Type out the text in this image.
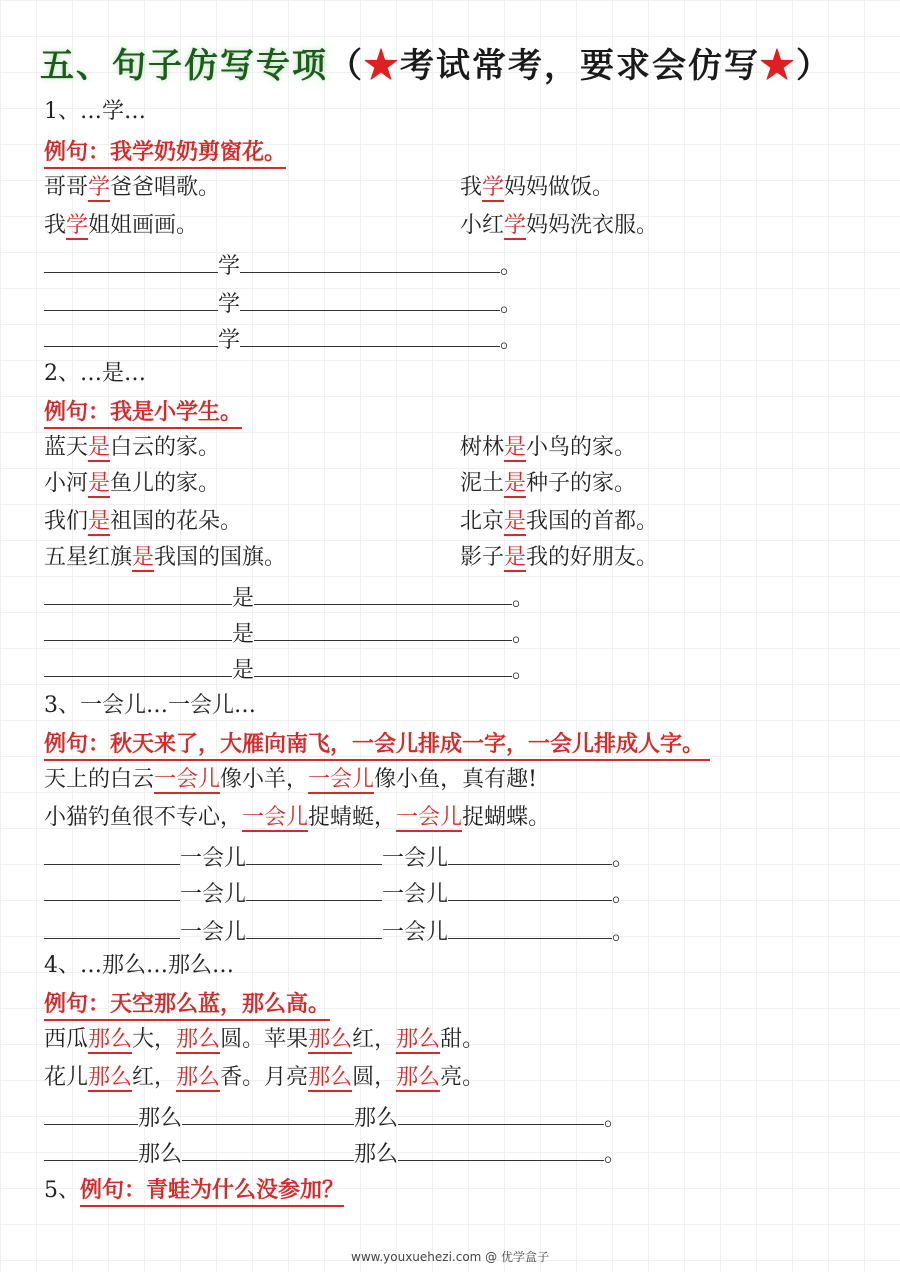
五、句子仿写专项（★考试常考，要求会仿写★）
1、…学…
例句：我学奶奶剪窗花。
哥哥学爸爸唱歌。	我学妈妈做饭。
我学姐姐画画。	小红学妈妈洗衣服。
学	。
学	。
学	。
2、…是…
例句：我是小学生。
蓝天是白云的家。	树林是小鸟的家。
小河是鱼儿的家。	泥土是种子的家。
我们是祖国的花朵。	北京是我国的首都。
五星红旗是我国的国旗。	影子是我的好朋友。
是	。
是	。
是	。
3、一会儿…一会儿…
例句：秋天来了，大雁向南飞，一会儿排成一字，一会儿排成人字。
天上的白云一会儿像小羊，一会儿像小鱼，真有趣!
小猫钓鱼很不专心，一会儿捉蜻蜓，一会儿捉蝴蝶。
一会儿	一会儿	。
一会儿	一会儿	。
一会儿	一会儿	。
4、…那么…那么…
例句：天空那么蓝，那么高。
西瓜那么大，那么圆。苹果那么红，那么甜。
花儿那么红，那么香。月亮那么圆，那么亮。
那么	那么	。
那么	那么	。
5、例句：青蛙为什么没参加？
www.youxuehezi.com @ 优学盒子
